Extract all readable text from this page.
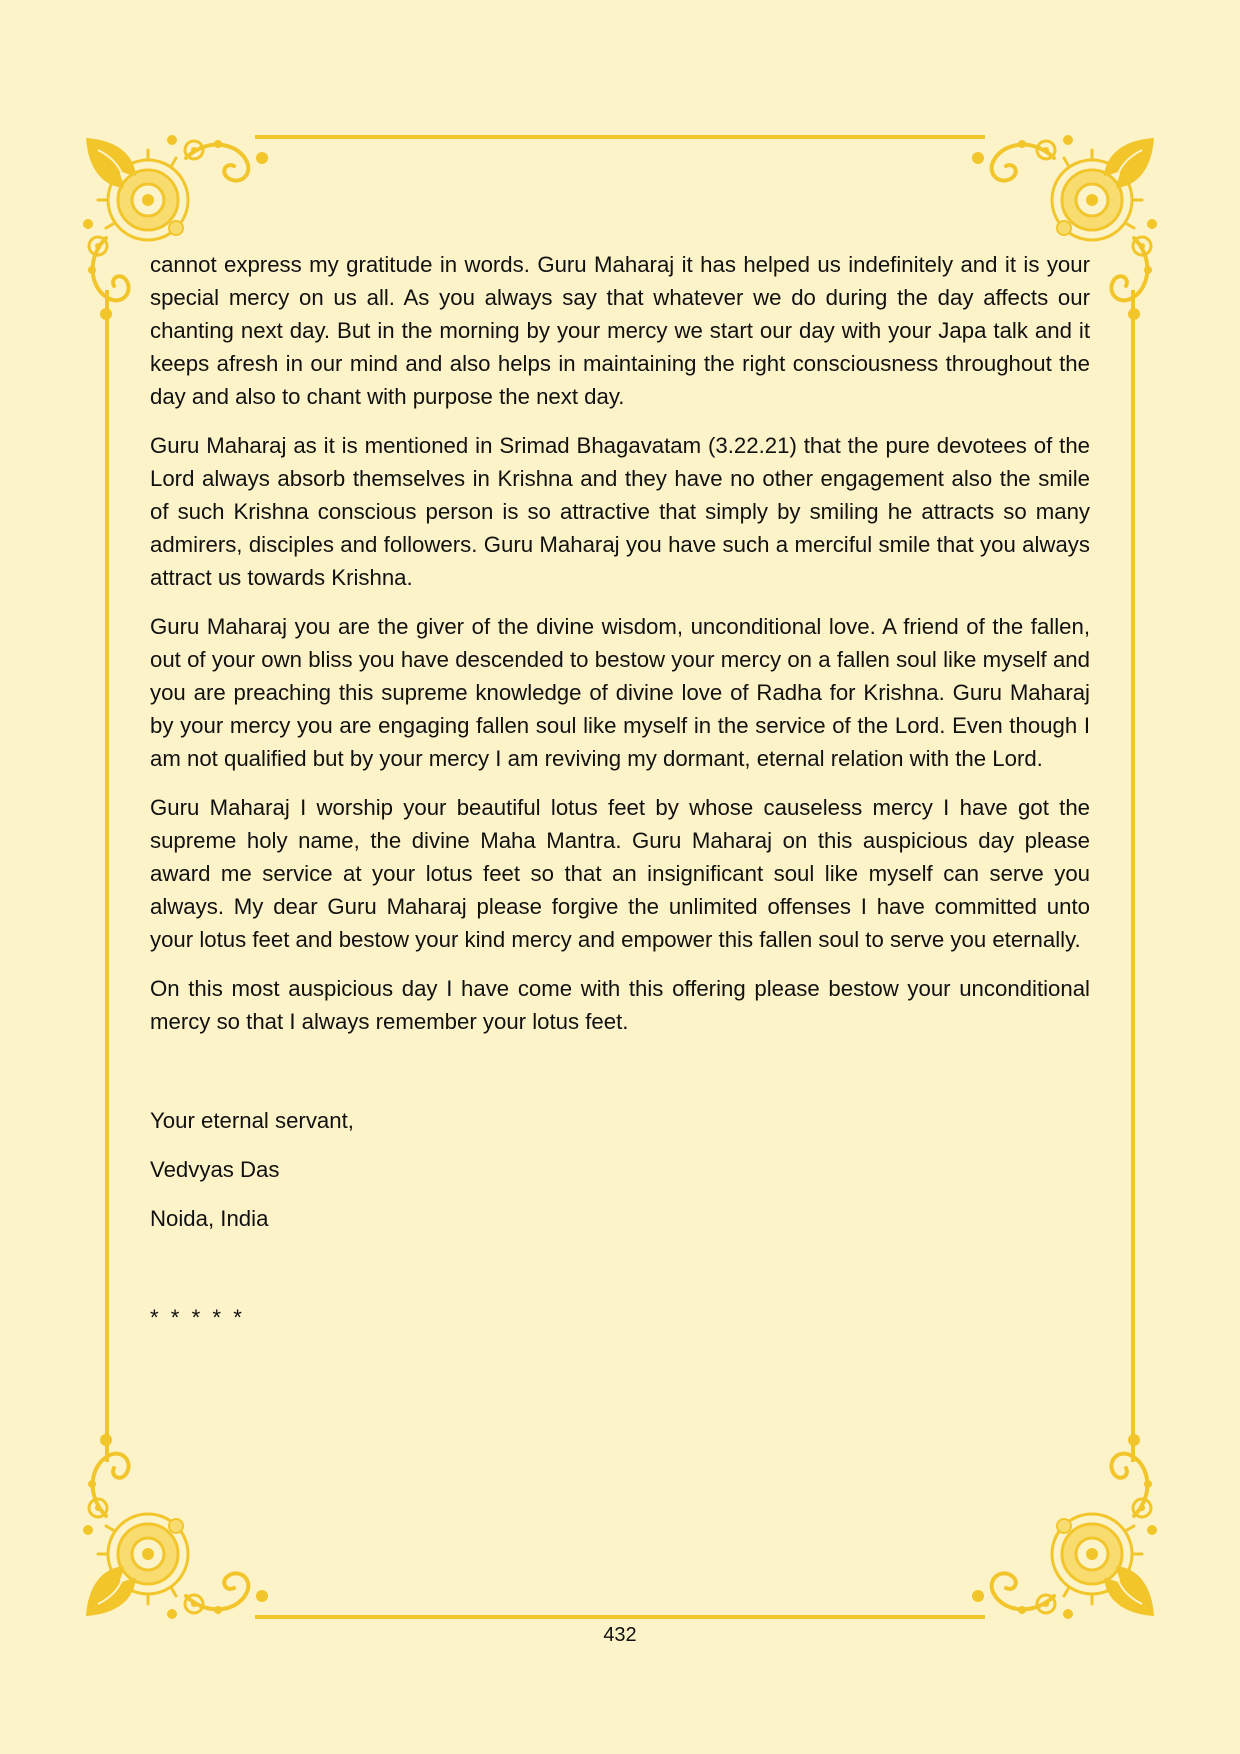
cannot express my gratitude in words. Guru Maharaj it has helped us indefinitely and it is your special mercy on us all. As you always say that whatever we do during the day affects our chanting next day. But in the morning by your mercy we start our day with your Japa talk and it keeps afresh in our mind and also helps in maintaining the right consciousness throughout the day and also to chant with purpose the next day.

Guru Maharaj as it is mentioned in Srimad Bhagavatam (3.22.21) that the pure devotees of the Lord always absorb themselves in Krishna and they have no other engagement also the smile of such Krishna conscious person is so attractive that simply by smiling he attracts so many admirers, disciples and followers. Guru Maharaj you have such a merciful smile that you always attract us towards Krishna.

Guru Maharaj you are the giver of the divine wisdom, unconditional love. A friend of the fallen, out of your own bliss you have descended to bestow your mercy on a fallen soul like myself and you are preaching this supreme knowledge of divine love of Radha for Krishna. Guru Maharaj by your mercy you are engaging fallen soul like myself in the service of the Lord. Even though I am not qualified but by your mercy I am reviving my dormant, eternal relation with the Lord.

Guru Maharaj I worship your beautiful lotus feet by whose causeless mercy I have got the supreme holy name, the divine Maha Mantra. Guru Maharaj on this auspicious day please award me service at your lotus feet so that an insignificant soul like myself can serve you always. My dear Guru Maharaj please forgive the unlimited offenses I have committed unto your lotus feet and bestow your kind mercy and empower this fallen soul to serve you eternally.

On this most auspicious day I have come with this offering please bestow your unconditional mercy so that I always remember your lotus feet.

Your eternal servant,
Vedvyas Das
Noida, India
* * * * *
432
